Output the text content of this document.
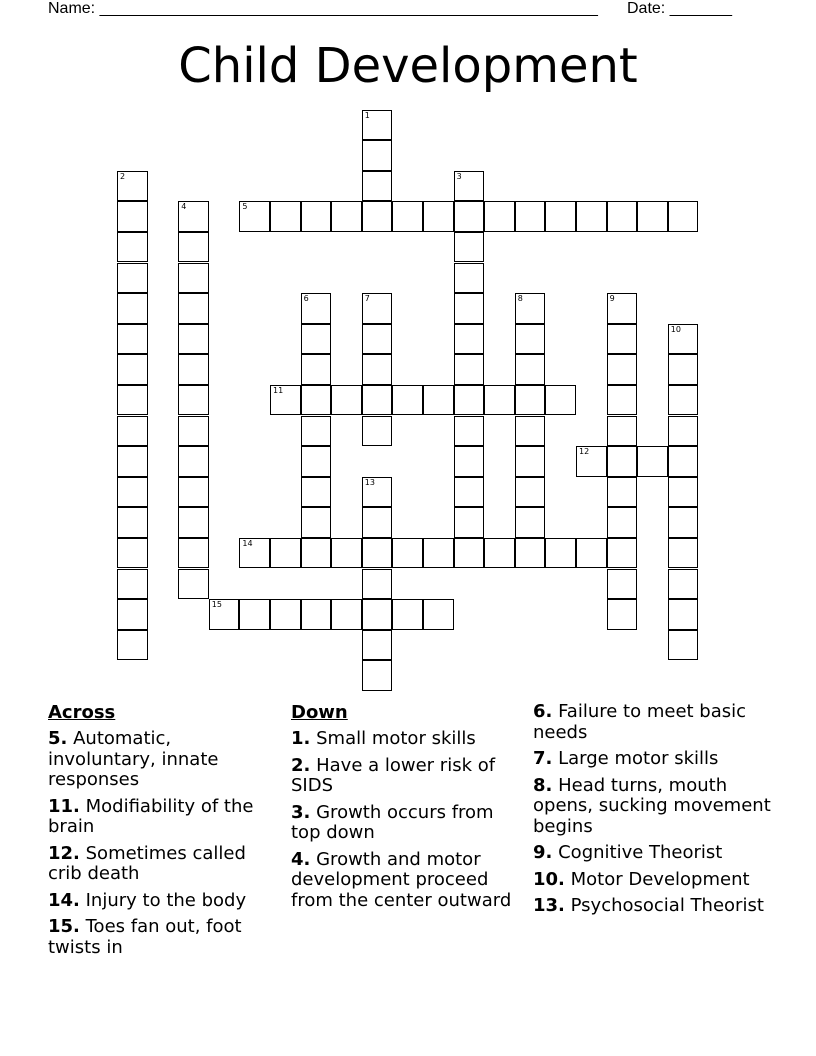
Name: ________________________________________________________ Date: _______
Child Development
1
2	3
4	5
6	7	8	9
10
11
12
13
14
15
Across
5. Automatic, involuntary, innate responses
11. Modifiability of the brain
12. Sometimes called crib death
14. Injury to the body
15. Toes fan out, foot twists in
Down
1. Small motor skills
2. Have a lower risk of SIDS
3. Growth occurs from top down
4. Growth and motor development proceed from the center outward
6. Failure to meet basic needs
7. Large motor skills
8. Head turns, mouth opens, sucking movement begins
9. Cognitive Theorist
10. Motor Development
13. Psychosocial Theorist
